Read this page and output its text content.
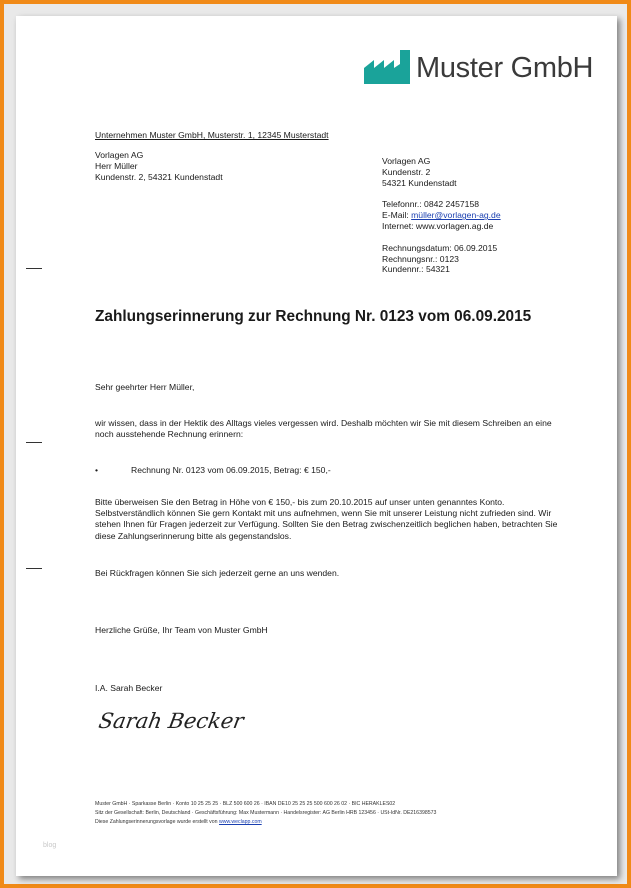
Muster GmbH
Unternehmen Muster GmbH, Musterstr. 1, 12345 Musterstadt
Vorlagen AG
Herr Müller
Kundenstr. 2, 54321 Kundenstadt
Vorlagen AG
Kundenstr. 2
54321 Kundenstadt
Telefonnr.: 0842 2457158
E-Mail: müller@vorlagen-ag.de
Internet: www.vorlagen.ag.de
Rechnungsdatum: 06.09.2015
Rechnungsnr.: 0123
Kundennr.: 54321
Zahlungserinnerung zur Rechnung Nr. 0123 vom 06.09.2015
Sehr geehrter Herr Müller,
wir wissen, dass in der Hektik des Alltags vieles vergessen wird. Deshalb möchten wir Sie mit diesem Schreiben an eine noch ausstehende Rechnung erinnern:
•	Rechnung Nr. 0123 vom 06.09.2015, Betrag: € 150,-
Bitte überweisen Sie den Betrag in Höhe von € 150,- bis zum 20.10.2015 auf unser unten genanntes Konto. Selbstverständlich können Sie gern Kontakt mit uns aufnehmen, wenn Sie mit unserer Leistung nicht zufrieden sind. Wir stehen Ihnen für Fragen jederzeit zur Verfügung. Sollten Sie den Betrag zwischenzeitlich beglichen haben, betrachten Sie diese Zahlungserinnerung bitte als gegenstandslos.
Bei Rückfragen können Sie sich jederzeit gerne an uns wenden.
Herzliche Grüße, Ihr Team von Muster GmbH
I.A. Sarah Becker
Sarah Becker
Muster GmbH · Sparkasse Berlin · Konto 10 25 25 25 · BLZ 500 600 26 · IBAN DE10 25 25 25 500 600 26 02 · BIC HERAKLES02
Sitz der Gesellschaft: Berlin, Deutschland · Geschäftsführung: Max Mustermann · Handelsregister: AG Berlin HRB 123456 · USt-IdNr. DE216398573
Diese Zahlungserinnerungsvorlage wurde erstellt von www.weclapp.com
blog
